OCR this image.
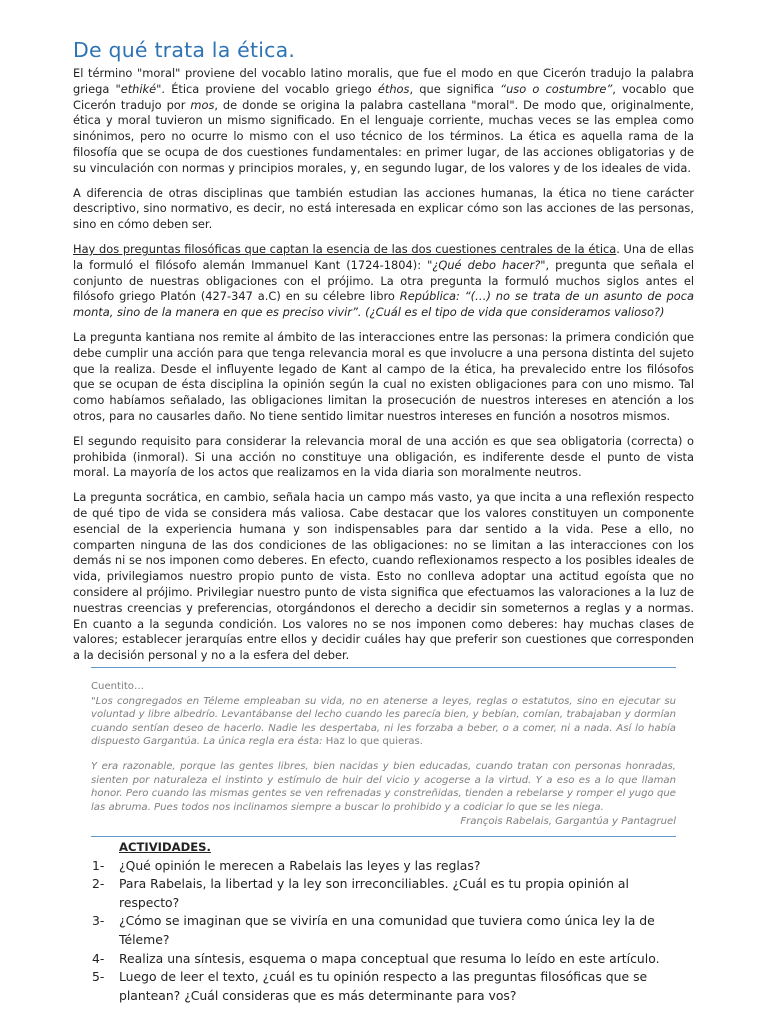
De qué trata la ética.

El término "moral" proviene del vocablo latino moralis, que fue el modo en que Cicerón tradujo la palabra griega "ethiké". Ética proviene del vocablo griego éthos, que significa “uso o costumbre”, vocablo que Cicerón tradujo por mos, de donde se origina la palabra castellana "moral". De modo que, originalmente, ética y moral tuvieron un mismo significado. En el lenguaje corriente, muchas veces se las emplea como sinónimos, pero no ocurre lo mismo con el uso técnico de los términos. La ética es aquella rama de la filosofía que se ocupa de dos cuestiones fundamentales: en primer lugar, de las acciones obligatorias y de su vinculación con normas y principios morales, y, en segundo lugar, de los valores y de los ideales de vida.

A diferencia de otras disciplinas que también estudian las acciones humanas, la ética no tiene carácter descriptivo, sino normativo, es decir, no está interesada en explicar cómo son las acciones de las personas, sino en cómo deben ser.

Hay dos preguntas filosóficas que captan la esencia de las dos cuestiones centrales de la ética. Una de ellas la formuló el filósofo alemán Immanuel Kant (1724-1804): "¿Qué debo hacer?", pregunta que señala el conjunto de nuestras obligaciones con el prójimo. La otra pregunta la formuló muchos siglos antes el filósofo griego Platón (427-347 a.C) en su célebre libro República: “(…) no se trata de un asunto de poca monta, sino de la manera en que es preciso vivir”. (¿Cuál es el tipo de vida que consideramos valioso?)

La pregunta kantiana nos remite al ámbito de las interacciones entre las personas: la primera condición que debe cumplir una acción para que tenga relevancia moral es que involucre a una persona distinta del sujeto que la realiza. Desde el influyente legado de Kant al campo de la ética, ha prevalecido entre los filósofos que se ocupan de ésta disciplina la opinión según la cual no existen obligaciones para con uno mismo. Tal como habíamos señalado, las obligaciones limitan la prosecución de nuestros intereses en atención a los otros, para no causarles daño. No tiene sentido limitar nuestros intereses en función a nosotros mismos.

El segundo requisito para considerar la relevancia moral de una acción es que sea obligatoria (correcta) o prohibida (inmoral). Si una acción no constituye una obligación, es indiferente desde el punto de vista moral. La mayoría de los actos que realizamos en la vida diaria son moralmente neutros.

La pregunta socrática, en cambio, señala hacia un campo más vasto, ya que incita a una reflexión respecto de qué tipo de vida se considera más valiosa. Cabe destacar que los valores constituyen un componente esencial de la experiencia humana y son indispensables para dar sentido a la vida. Pese a ello, no comparten ninguna de las dos condiciones de las obligaciones: no se limitan a las interacciones con los demás ni se nos imponen como deberes. En efecto, cuando reflexionamos respecto a los posibles ideales de vida, privilegiamos nuestro propio punto de vista. Esto no conlleva adoptar una actitud egoísta que no considere al prójimo. Privilegiar nuestro punto de vista significa que efectuamos las valoraciones a la luz de nuestras creencias y preferencias, otorgándonos el derecho a decidir sin someternos a reglas y a normas. En cuanto a la segunda condición. Los valores no se nos imponen como deberes: hay muchas clases de valores; establecer jerarquías entre ellos y decidir cuáles hay que preferir son cuestiones que corresponden a la decisión personal y no a la esfera del deber.

Cuentito…

"Los congregados en Téleme empleaban su vida, no en atenerse a leyes, reglas o estatutos, sino en ejecutar su voluntad y libre albedrío. Levantábanse del lecho cuando les parecía bien, y bebían, comían, trabajaban y dormían cuando sentían deseo de hacerlo. Nadie les despertaba, ni les forzaba a beber, o a comer, ni a nada. Así lo había dispuesto Gargantúa. La única regla era ésta: Haz lo que quieras.

Y era razonable, porque las gentes libres, bien nacidas y bien educadas, cuando tratan con personas honradas, sienten por naturaleza el instinto y estímulo de huir del vicio y acogerse a la virtud. Y a eso es a lo que llaman honor. Pero cuando las mismas gentes se ven refrenadas y constreñidas, tienden a rebelarse y romper el yugo que las abruma. Pues todos nos inclinamos siempre a buscar lo prohibido y a codiciar lo que se les niega.

François Rabelais, Gargantúa y Pantagruel

ACTIVIDADES.
1-	¿Qué opinión le merecen a Rabelais las leyes y las reglas?
2-	Para Rabelais, la libertad y la ley son irreconciliables. ¿Cuál es tu propia opinión al respecto?
3-	¿Cómo se imaginan que se viviría en una comunidad que tuviera como única ley la de Téleme?
4-	Realiza una síntesis, esquema o mapa conceptual que resuma lo leído en este artículo.
5-	Luego de leer el texto, ¿cuál es tu opinión respecto a las preguntas filosóficas que se plantean? ¿Cuál consideras que es más determinante para vos?
